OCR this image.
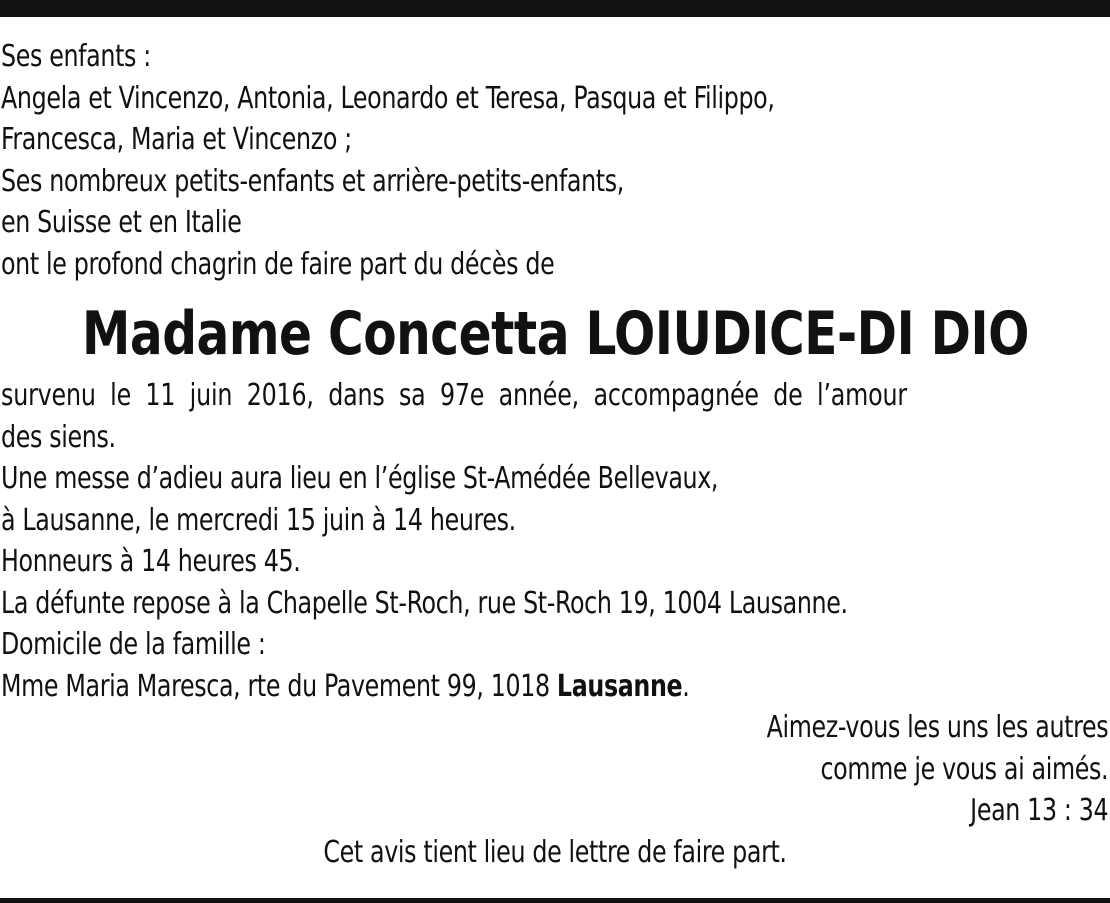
Ses enfants :
Angela et Vincenzo, Antonia, Leonardo et Teresa, Pasqua et Filippo,
Francesca, Maria et Vincenzo ;
Ses nombreux petits-enfants et arrière-petits-enfants,
en Suisse et en Italie
ont le profond chagrin de faire part du décès de
Madame Concetta LOIUDICE-DI DIO
survenu le 11 juin 2016, dans sa 97e année, accompagnée de l’amour
des siens.
Une messe d’adieu aura lieu en l’église St-Amédée Bellevaux,
à Lausanne, le mercredi 15 juin à 14 heures.
Honneurs à 14 heures 45.
La défunte repose à la Chapelle St-Roch, rue St-Roch 19, 1004 Lausanne.
Domicile de la famille :
Mme Maria Maresca, rte du Pavement 99, 1018 Lausanne.
Aimez-vous les uns les autres
comme je vous ai aimés.
Jean 13 : 34
Cet avis tient lieu de lettre de faire part.
